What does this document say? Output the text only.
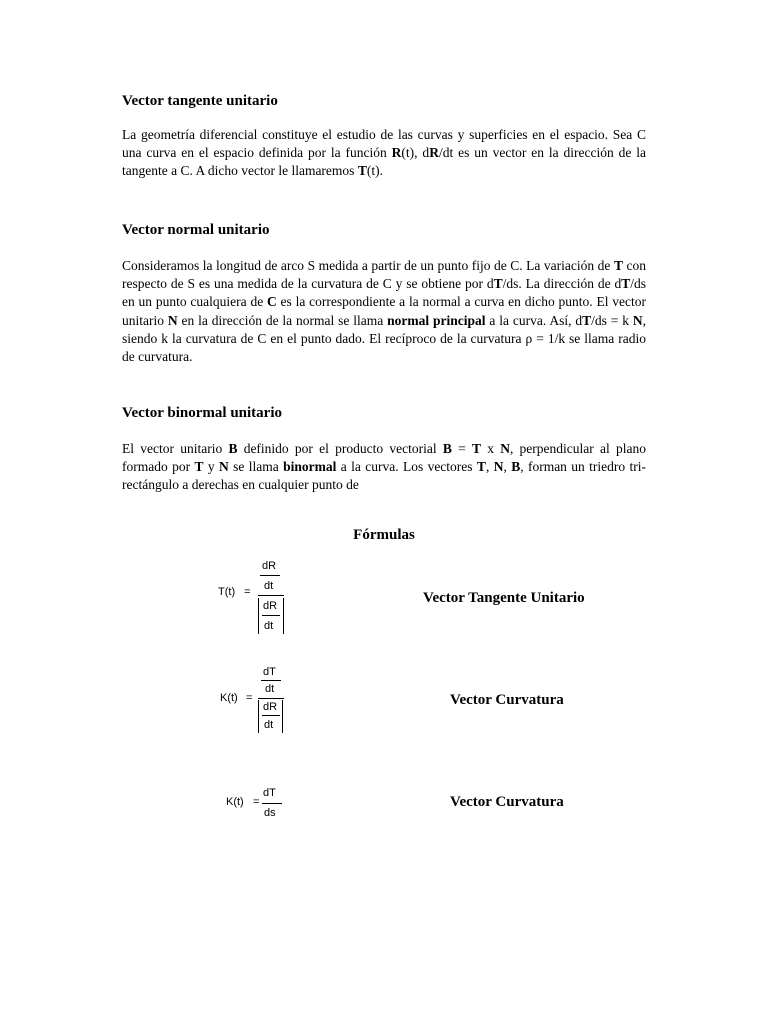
Vector tangente unitario

La geometría diferencial constituye el estudio de las curvas y superficies en el espacio. Sea C una curva en el espacio definida por la función R(t), dR/dt es un vector en la dirección de la tangente a C. A dicho vector le llamaremos T(t).

Vector normal unitario

Consideramos la longitud de arco S medida a partir de un punto fijo de C. La variación de T con respecto de S es una medida de la curvatura de C y se obtiene por dT/ds. La dirección de dT/ds en un punto cualquiera de C es la correspondiente a la normal a curva en dicho punto. El vector unitario N en la dirección de la normal se llama normal principal a la curva. Así, dT/ds = k N, siendo k la curvatura de C en el punto dado. El recíproco de la curvatura ρ = 1/k se llama radio de curvatura.

Vector binormal unitario

El vector unitario B definido por el producto vectorial B = T x N, perpendicular al plano formado por T y N se llama binormal a la curva. Los vectores T, N, B, forman un triedro tri-rectángulo a derechas en cualquier punto de

Fórmulas
T(t) =
dR
dt
dR
dt
Vector Tangente Unitario
K(t) =
dT
dt
dR
dt
Vector Curvatura
K(t) =
dT
ds
Vector Curvatura
